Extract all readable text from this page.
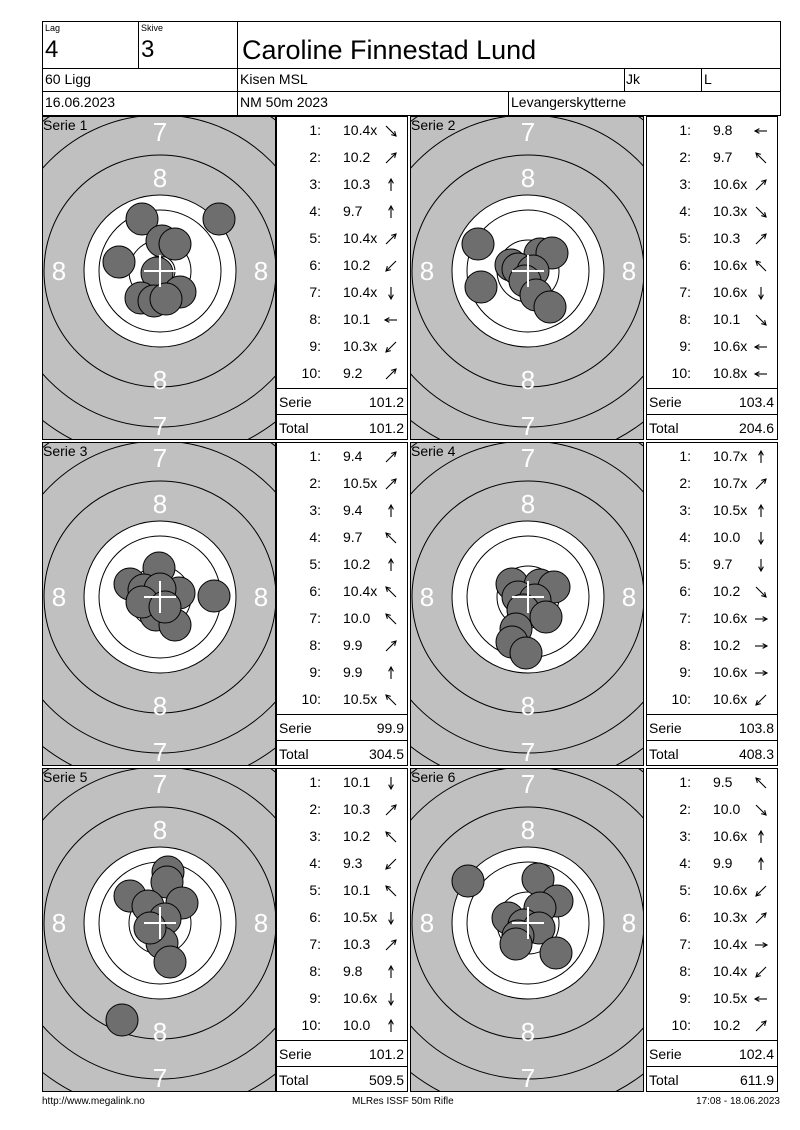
Lag
4
Skive
3	Caroline Finnestad Lund
60 Ligg	Kisen MSL	Jk	L
16.06.2023	NM 50m 2023	Levangerskytterne
7
7
8
8
8	8
Serie 1	1: 10.4x
2: 10.2
3: 10.3
4: 9.7
5: 10.4x
6: 10.2
7: 10.4x
8: 10.1
9: 10.3x
10: 9.2
Serie	101.2
Total	101.2
7
7
8
8
8	8
Serie 2	1: 9.8
2: 9.7
3: 10.6x
4: 10.3x
5: 10.3
6: 10.6x
7: 10.6x
8: 10.1
9: 10.6x
10: 10.8x
Serie	103.4
Total	204.6
7
7
8
8
8	8
Serie 3	1: 9.4
2: 10.5x
3: 9.4
4: 9.7
5: 10.2
6: 10.4x
7: 10.0
8: 9.9
9: 9.9
10: 10.5x
Serie	99.9
Total	304.5
7
7
8
8
8	8
Serie 4	1: 10.7x
2: 10.7x
3: 10.5x
4: 10.0
5: 9.7
6: 10.2
7: 10.6x
8: 10.2
9: 10.6x
10: 10.6x
Serie	103.8
Total	408.3
7
7
8
8
8	8
Serie 5	1: 10.1
2: 10.3
3: 10.2
4: 9.3
5: 10.1
6: 10.5x
7: 10.3
8: 9.8
9: 10.6x
10: 10.0
Serie	101.2
Total	509.5
7
7
8
8
8	8
Serie 6	1: 9.5
2: 10.0
3: 10.6x
4: 9.9
5: 10.6x
6: 10.3x
7: 10.4x
8: 10.4x
9: 10.5x
10: 10.2
Serie	102.4
Total	611.9
http://www.megalink.no	MLRes ISSF 50m Rifle	17:08 - 18.06.2023
